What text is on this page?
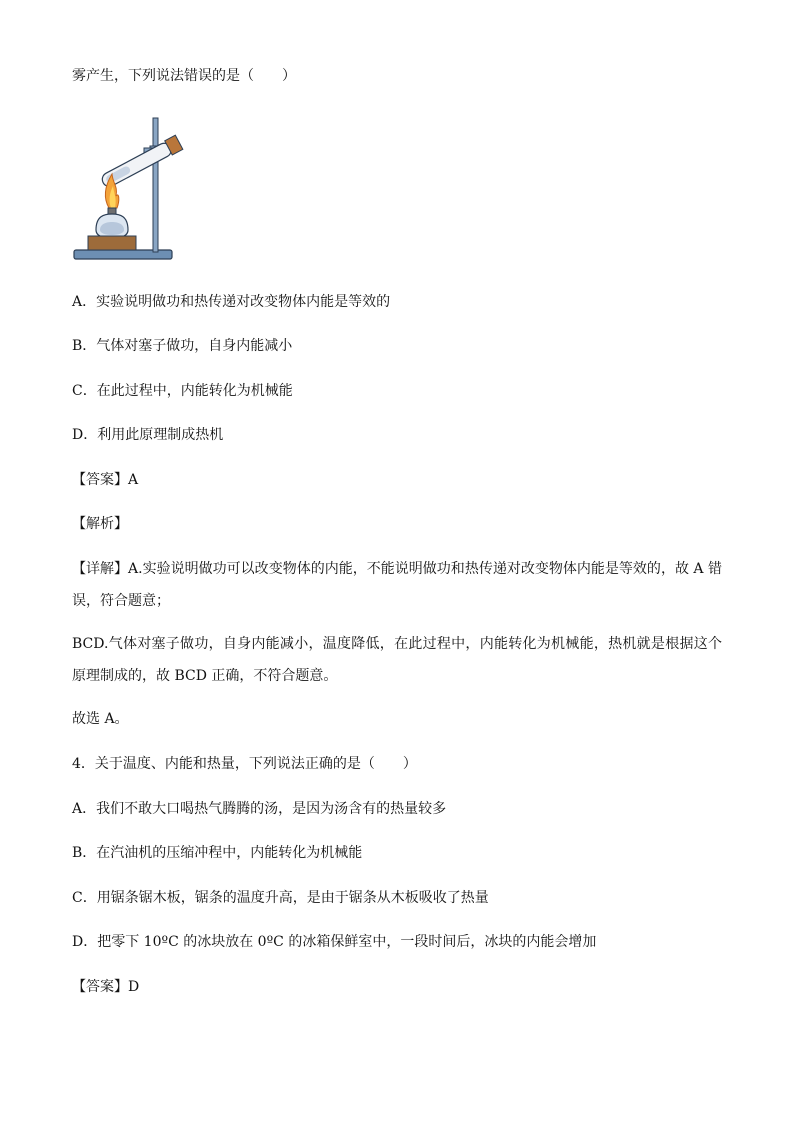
雾产生，下列说法错误的是（　　）
A．实验说明做功和热传递对改变物体内能是等效的
B．气体对塞子做功，自身内能减小
C．在此过程中，内能转化为机械能
D．利用此原理制成热机
【答案】A
【解析】
【详解】A.实验说明做功可以改变物体的内能，不能说明做功和热传递对改变物体内能是等效的，故 A 错误，符合题意；
BCD.气体对塞子做功，自身内能减小，温度降低，在此过程中，内能转化为机械能，热机就是根据这个原理制成的，故 BCD 正确，不符合题意。
故选 A。
4．关于温度、内能和热量，下列说法正确的是（　　）
A．我们不敢大口喝热气腾腾的汤，是因为汤含有的热量较多
B．在汽油机的压缩冲程中，内能转化为机械能
C．用锯条锯木板，锯条的温度升高，是由于锯条从木板吸收了热量
D．把零下 10ºC 的冰块放在 0ºC 的冰箱保鲜室中，一段时间后，冰块的内能会增加
【答案】D
